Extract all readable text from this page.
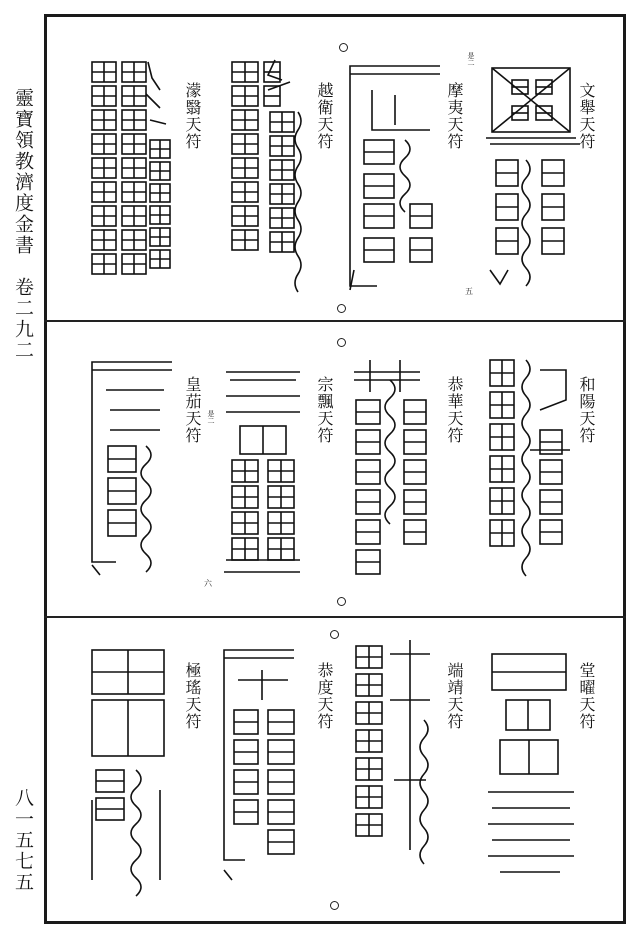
靈寶領教濟度金書　卷二九二
八一五七五
文舉天符
摩夷天符
越衛天符
濛翳天符
是二
五
和陽天符
恭華天符
宗飄天符
皇茄天符 是二
六
堂曜天符
端靖天符
恭度天符
極瑤天符
